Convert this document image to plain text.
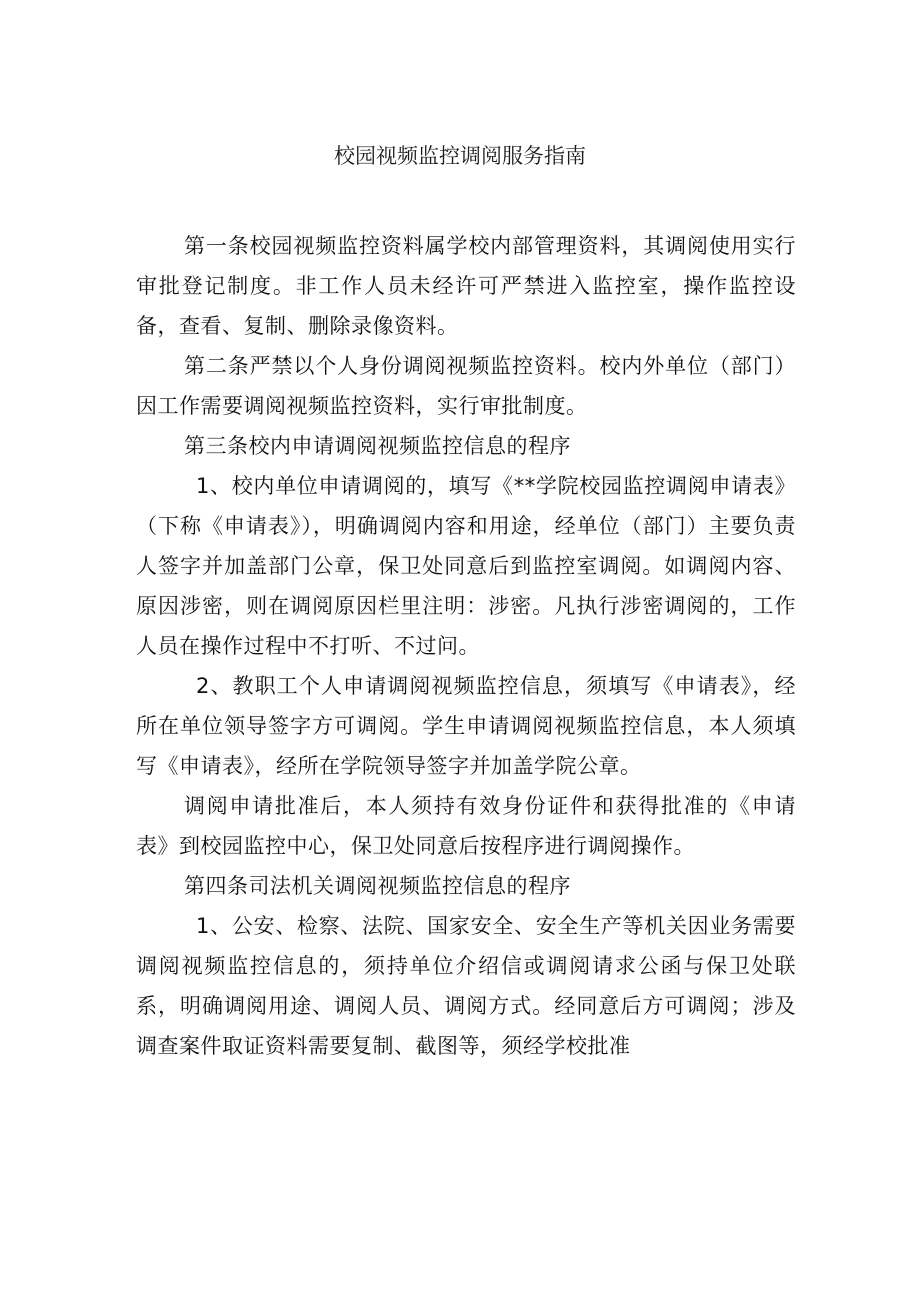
校园视频监控调阅服务指南

第一条校园视频监控资料属学校内部管理资料，其调阅使用实行审批登记制度。非工作人员未经许可严禁进入监控室，操作监控设备，查看、复制、删除录像资料。

第二条严禁以个人身份调阅视频监控资料。校内外单位（部门）因工作需要调阅视频监控资料，实行审批制度。

第三条校内申请调阅视频监控信息的程序

1、校内单位申请调阅的，填写《**学院校园监控调阅申请表》（下称《申请表》），明确调阅内容和用途，经单位（部门）主要负责人签字并加盖部门公章，保卫处同意后到监控室调阅。如调阅内容、原因涉密，则在调阅原因栏里注明：涉密。凡执行涉密调阅的，工作人员在操作过程中不打听、不过问。

2、教职工个人申请调阅视频监控信息，须填写《申请表》，经所在单位领导签字方可调阅。学生申请调阅视频监控信息，本人须填写《申请表》，经所在学院领导签字并加盖学院公章。

调阅申请批准后，本人须持有效身份证件和获得批准的《申请表》到校园监控中心，保卫处同意后按程序进行调阅操作。

第四条司法机关调阅视频监控信息的程序

1、公安、检察、法院、国家安全、安全生产等机关因业务需要调阅视频监控信息的，须持单位介绍信或调阅请求公函与保卫处联系，明确调阅用途、调阅人员、调阅方式。经同意后方可调阅；涉及调查案件取证资料需要复制、截图等，须经学校批准
